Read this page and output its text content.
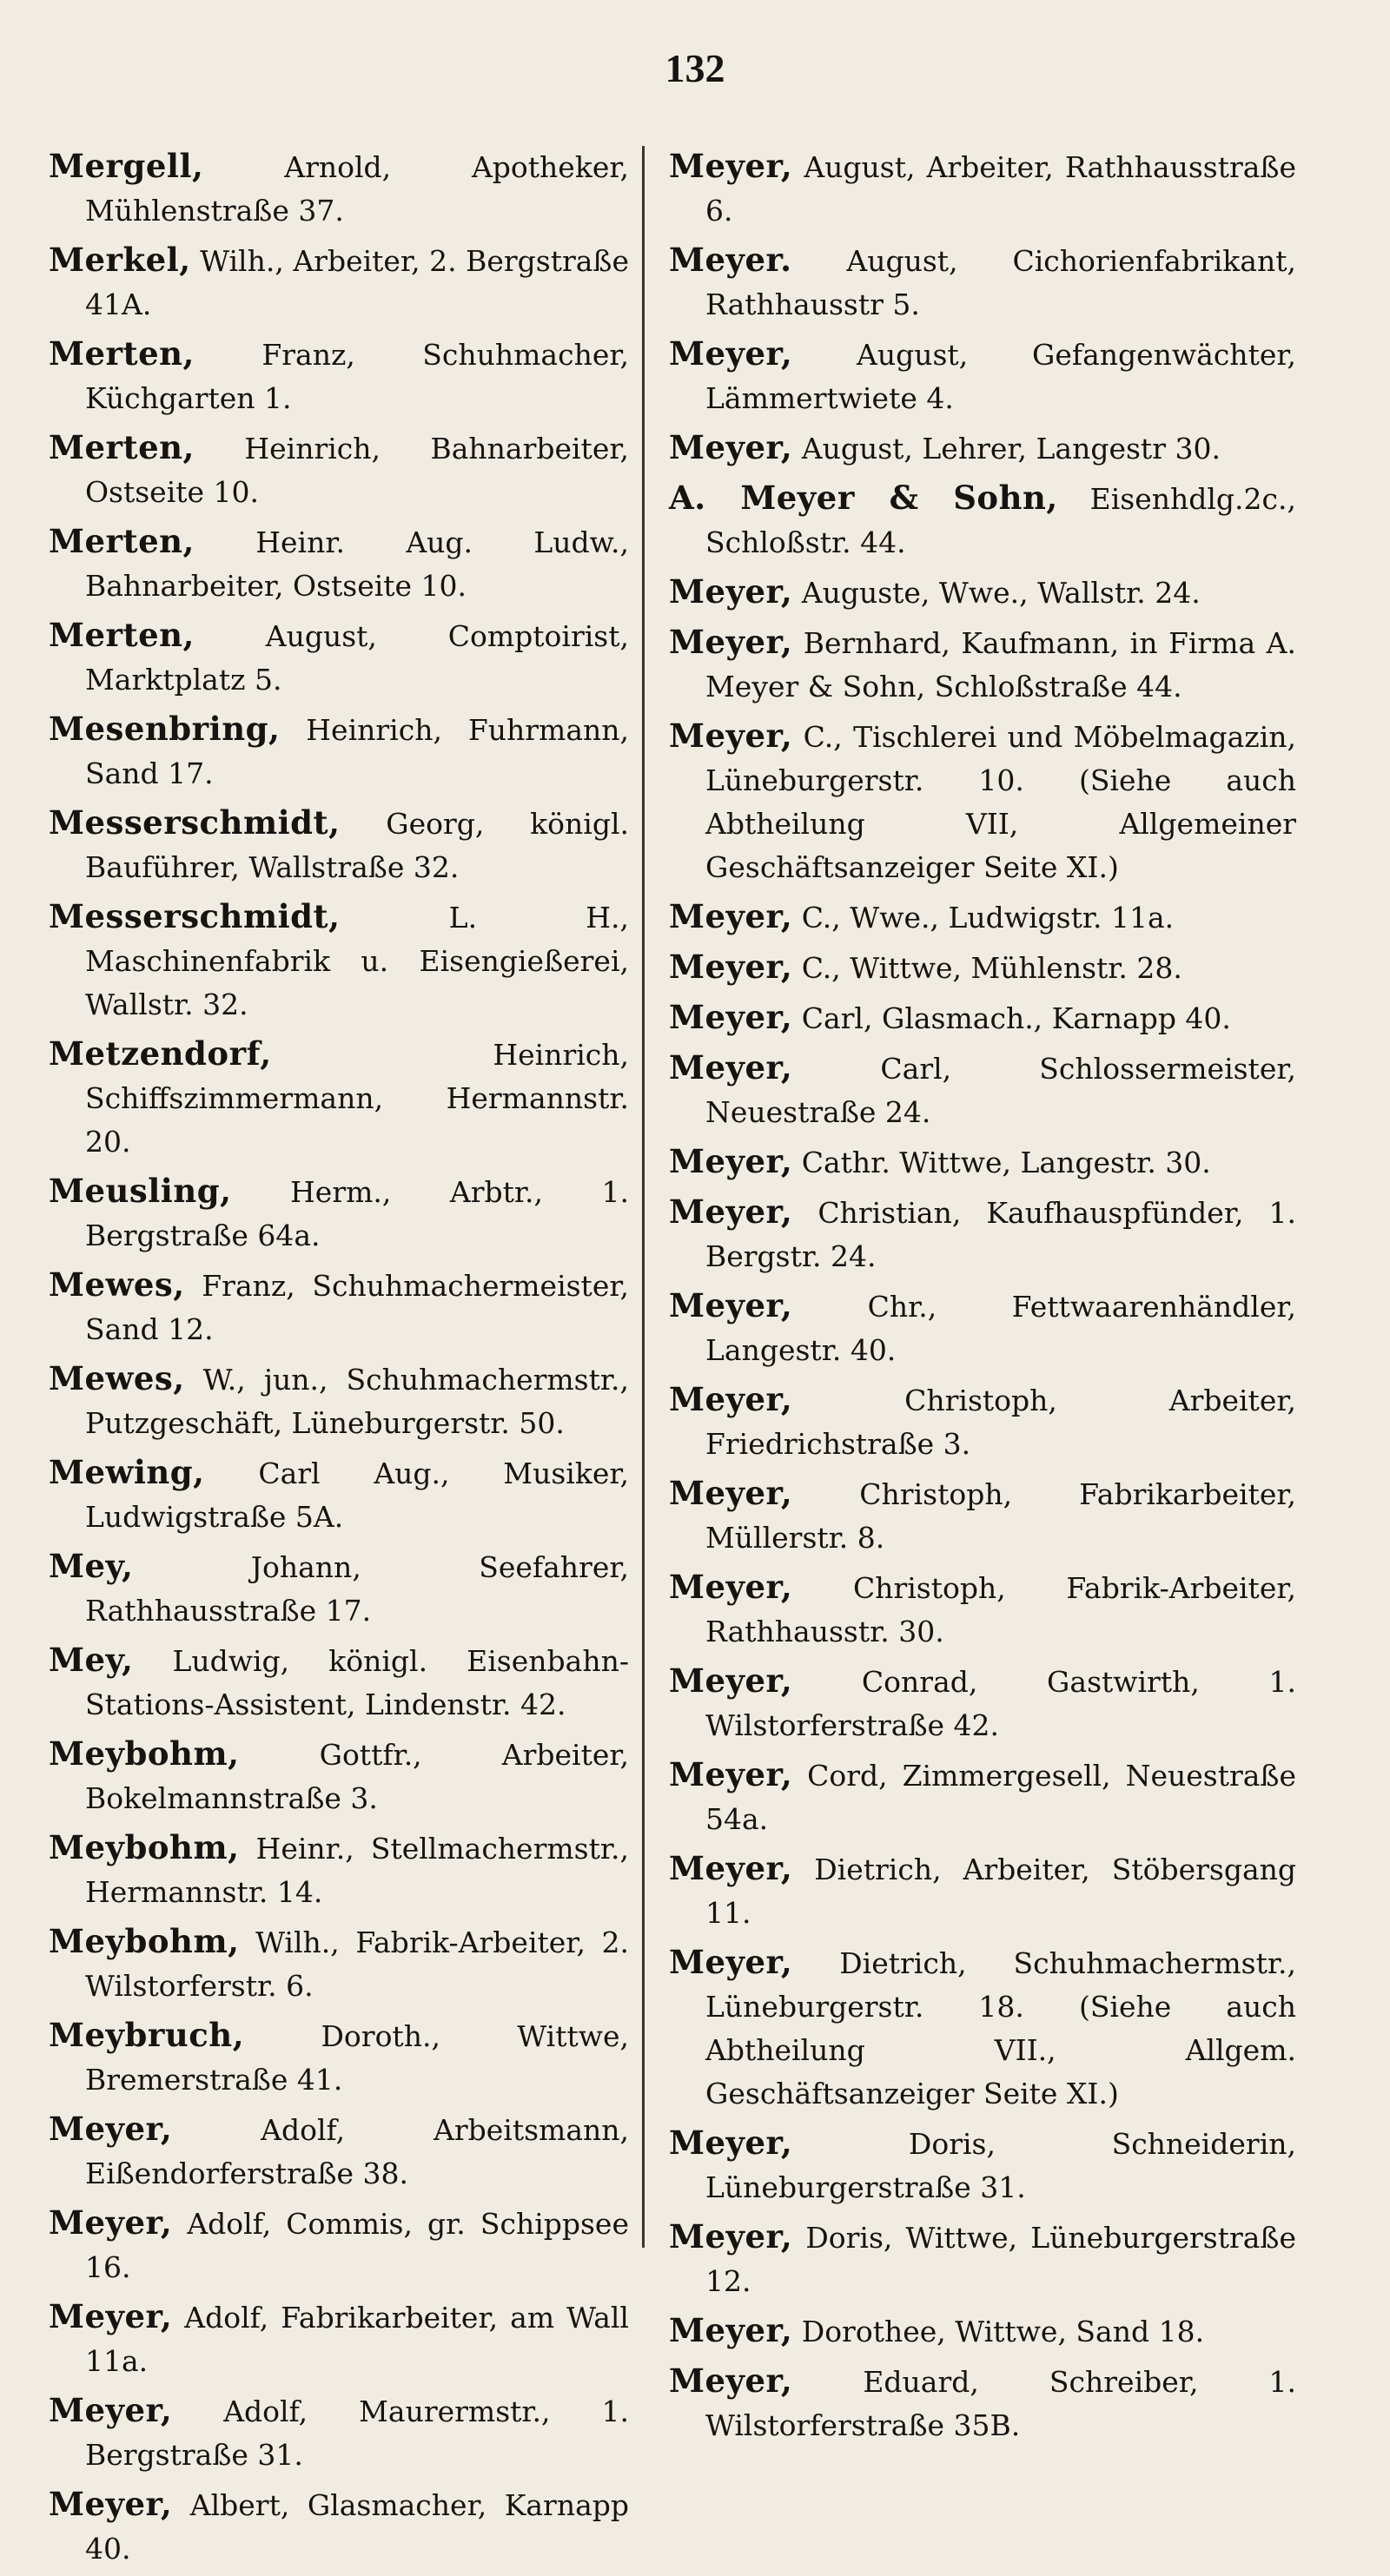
132
Mergell,	Arnold, Apotheker, Mühlenstraße 37.
Merkel, Wilh., Arbeiter, 2. Bergstraße 41A.
Merten, Franz, Schuhmacher, Küchgarten 1.
Merten, Heinrich, Bahnarbeiter, Ostseite 10.
Merten, Heinr. Aug. Ludw., Bahnarbeiter, Ostseite 10.
Merten, August, Comptoirist, Marktplatz 5.
Mesenbring, Heinrich, Fuhrmann, Sand 17.
Messerschmidt, Georg, königl. Bauführer, Wallstraße 32.
Messerschmidt,	L. H., Maschinenfabrik u. Eisengießerei, Wallstr. 32.
Metzendorf,	Heinrich, Schiffszimmermann, Hermannstr. 20.
Meusling, Herm., Arbtr., 1. Bergstraße 64a.
Mewes, Franz, Schuhmachermeister, Sand 12.
Mewes, W., jun., Schuhmachermstr., Putzgeschäft, Lüneburgerstr. 50.
Mewing, Carl Aug., Musiker, Ludwigstraße 5A.
Mey,	Johann, Seefahrer, Rathhausstraße 17.
Mey, Ludwig, königl. Eisenbahn-Stations-Assistent, Lindenstr. 42.
Meybohm,	Gottfr., Arbeiter, Bokelmannstraße 3.
Meybohm, Heinr., Stellmachermstr., Hermannstr. 14.
Meybohm, Wilh., Fabrik-Arbeiter, 2. Wilstorferstr. 6.
Meybruch,	Doroth., Wittwe, Bremerstraße 41.
Meyer,	Adolf, Arbeitsmann, Eißendorferstraße 38.
Meyer, Adolf, Commis, gr. Schippsee 16.
Meyer, Adolf, Fabrikarbeiter, am Wall 11a.
Meyer, Adolf, Maurermstr., 1. Bergstraße 31.
Meyer, Albert, Glasmacher, Karnapp 40.
Meyer, August, Arbeiter, Rathhausstraße 6.
Meyer. August, Cichorienfabrikant, Rathhausstr 5.
Meyer, August, Gefangenwächter, Lämmertwiete 4.
Meyer, August, Lehrer, Langestr 30.
A. Meyer & Sohn, Eisenhdlg.2c., Schloßstr. 44.
Meyer, Auguste, Wwe., Wallstr. 24.
Meyer, Bernhard, Kaufmann, in Firma A. Meyer & Sohn, Schloßstraße 44.
Meyer, C., Tischlerei und Möbelmagazin, Lüneburgerstr. 10. (Siehe auch Abtheilung VII, Allgemeiner Geschäftsanzeiger Seite XI.)
Meyer, C., Wwe., Ludwigstr. 11a.
Meyer, C., Wittwe, Mühlenstr. 28.
Meyer, Carl, Glasmach., Karnapp 40.
Meyer,	Carl, Schlossermeister, Neuestraße 24.
Meyer, Cathr. Wittwe, Langestr. 30.
Meyer, Christian, Kaufhauspfünder, 1. Bergstr. 24.
Meyer,	Chr., Fettwaarenhändler, Langestr. 40.
Meyer,	Christoph, Arbeiter, Friedrichstraße 3.
Meyer, Christoph, Fabrikarbeiter, Müllerstr. 8.
Meyer, Christoph, Fabrik-Arbeiter, Rathhausstr. 30.
Meyer, Conrad, Gastwirth, 1. Wilstorferstraße 42.
Meyer, Cord, Zimmergesell, Neuestraße 54a.
Meyer, Dietrich, Arbeiter, Stöbersgang 11.
Meyer, Dietrich, Schuhmachermstr., Lüneburgerstr. 18. (Siehe auch Abtheilung VII., Allgem. Geschäftsanzeiger Seite XI.)
Meyer,	Doris, Schneiderin, Lüneburgerstraße 31.
Meyer, Doris, Wittwe, Lüneburgerstraße 12.
Meyer, Dorothee, Wittwe, Sand 18.
Meyer, Eduard, Schreiber, 1. Wilstorferstraße 35B.
